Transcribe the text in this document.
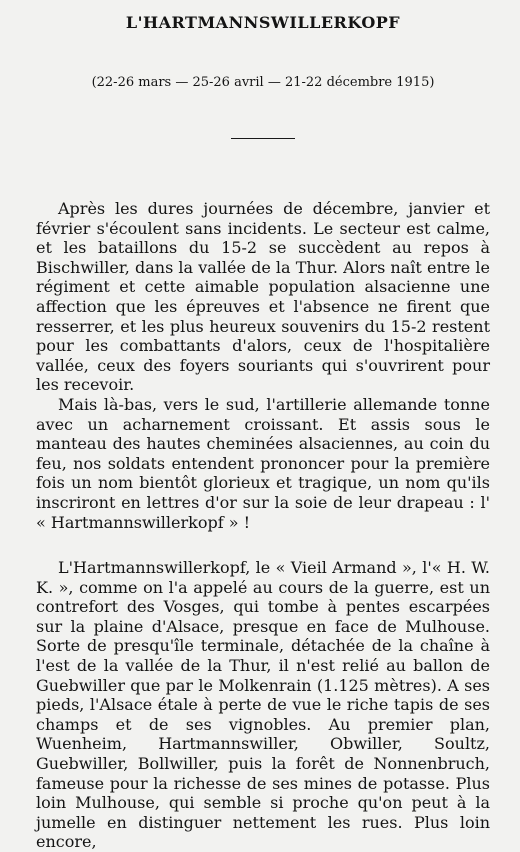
L'HARTMANNSWILLERKOPF
(22-26 mars — 25-26 avril — 21-22 décembre 1915)

Après les dures journées de décembre, janvier et février s'écoulent sans incidents. Le secteur est calme, et les bataillons du 15-2 se succèdent au repos à Bischwiller, dans la vallée de la Thur. Alors naît entre le régiment et cette aimable population alsacienne une affection que les épreuves et l'absence ne firent que resserrer, et les plus heureux souvenirs du 15-2 restent pour les combattants d'alors, ceux de l'hospitalière vallée, ceux des foyers souriants qui s'ouvrirent pour les recevoir.

Mais là-bas, vers le sud, l'artillerie allemande tonne avec un acharnement croissant. Et assis sous le manteau des hautes cheminées alsaciennes, au coin du feu, nos soldats entendent prononcer pour la première fois un nom bientôt glorieux et tragique, un nom qu'ils inscriront en lettres d'or sur la soie de leur drapeau : l' « Hartmannswillerkopf » !

L'Hartmannswillerkopf, le « Vieil Armand », l'« H. W. K. », comme on l'a appelé au cours de la guerre, est un contrefort des Vosges, qui tombe à pentes escarpées sur la plaine d'Alsace, presque en face de Mulhouse. Sorte de presqu'île terminale, détachée de la chaîne à l'est de la vallée de la Thur, il n'est relié au ballon de Guebwiller que par le Molkenrain (1.125 mètres). A ses pieds, l'Alsace étale à perte de vue le riche tapis de ses champs et de ses vignobles. Au premier plan, Wuenheim, Hartmannswiller, Obwiller, Soultz, Guebwiller, Bollwiller, puis la forêt de Nonnenbruch, fameuse pour la richesse de ses mines de potasse. Plus loin Mulhouse, qui semble si proche qu'on peut à la jumelle en distinguer nettement les rues. Plus loin encore,
